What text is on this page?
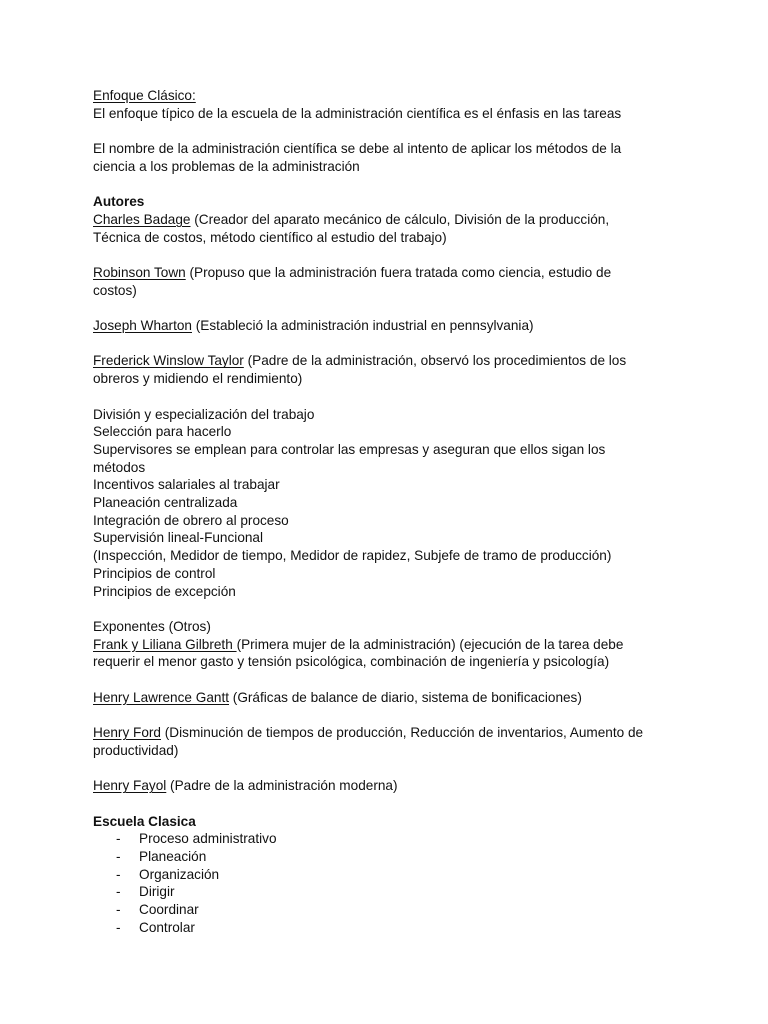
Enfoque Clásico:
El enfoque típico de la escuela de la administración científica es el énfasis en las tareas
El nombre de la administración científica se debe al intento de aplicar los métodos de la
ciencia a los problemas de la administración
Autores
Charles Badage (Creador del aparato mecánico de cálculo, División de la producción,
Técnica de costos, método científico al estudio del trabajo)
Robinson Town (Propuso que la administración fuera tratada como ciencia, estudio de
costos)
Joseph Wharton (Estableció la administración industrial en pennsylvania)
Frederick Winslow Taylor (Padre de la administración, observó los procedimientos de los
obreros y midiendo el rendimiento)
División y especialización del trabajo
Selección para hacerlo
Supervisores se emplean para controlar las empresas y aseguran que ellos sigan los
métodos
Incentivos salariales al trabajar
Planeación centralizada
Integración de obrero al proceso
Supervisión lineal-Funcional
(Inspección, Medidor de tiempo, Medidor de rapidez, Subjefe de tramo de producción)
Principios de control
Principios de excepción
Exponentes (Otros)
Frank y Liliana Gilbreth (Primera mujer de la administración) (ejecución de la tarea debe
requerir el menor gasto y tensión psicológica, combinación de ingeniería y psicología)
Henry Lawrence Gantt (Gráficas de balance de diario, sistema de bonificaciones)
Henry Ford (Disminución de tiempos de producción, Reducción de inventarios, Aumento de
productividad)
Henry Fayol (Padre de la administración moderna)
Escuela Clasica
- Proceso administrativo
- Planeación
- Organización
- Dirigir
- Coordinar
- Controlar
